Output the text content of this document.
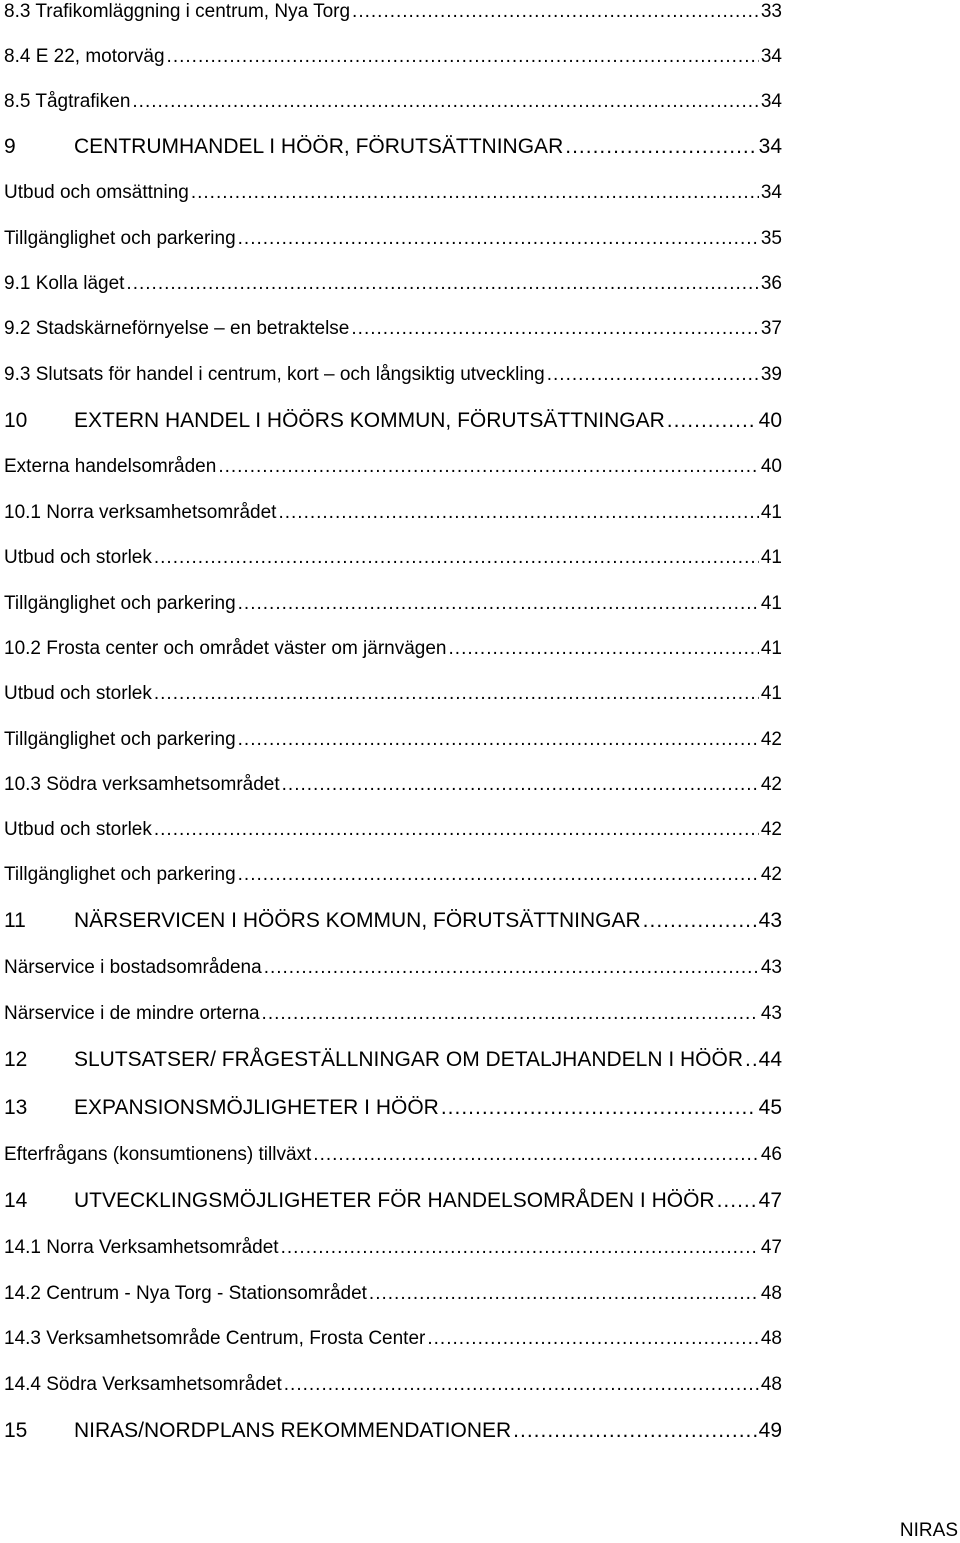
8.3 Trafikomläggning i centrum, Nya Torg .....	33
8.4 E 22, motorväg .....	34
8.5 Tågtrafiken .....	34
9	CENTRUMHANDEL I HÖÖR, FÖRUTSÄTTNINGAR .....	34
Utbud och omsättning .....	34
Tillgänglighet och parkering .....	35
9.1 Kolla läget .....	36
9.2 Stadskärneförnyelse – en betraktelse .....	37
9.3 Slutsats för handel i centrum, kort – och långsiktig utveckling .....	39
10	EXTERN HANDEL I HÖÖRS KOMMUN, FÖRUTSÄTTNINGAR .....	40
Externa handelsområden .....	40
10.1 Norra verksamhetsområdet .....	41
Utbud och storlek .....	41
Tillgänglighet och parkering .....	41
10.2 Frosta center och området väster om järnvägen .....	41
Utbud och storlek .....	41
Tillgänglighet och parkering .....	42
10.3 Södra verksamhetsområdet .....	42
Utbud och storlek .....	42
Tillgänglighet och parkering .....	42
11	NÄRSERVICEN I HÖÖRS KOMMUN, FÖRUTSÄTTNINGAR .....	43
Närservice i bostadsområdena .....	43
Närservice i de mindre orterna .....	43
12	SLUTSATSER/ FRÅGESTÄLLNINGAR OM DETALJHANDELN I HÖÖR ..... 44
13	EXPANSIONSMÖJLIGHETER I HÖÖR .....	45
Efterfrågans (konsumtionens) tillväxt .....	46
14	UTVECKLINGSMÖJLIGHETER FÖR HANDELSOMRÅDEN I HÖÖR ..... 47
14.1 Norra Verksamhetsområdet .....	47
14.2 Centrum - Nya Torg - Stationsområdet .....	48
14.3 Verksamhetsområde Centrum, Frosta Center .....	48
14.4 Södra Verksamhetsområdet .....	48
15	NIRAS/NORDPLANS REKOMMENDATIONER .....	49
NIRAS
